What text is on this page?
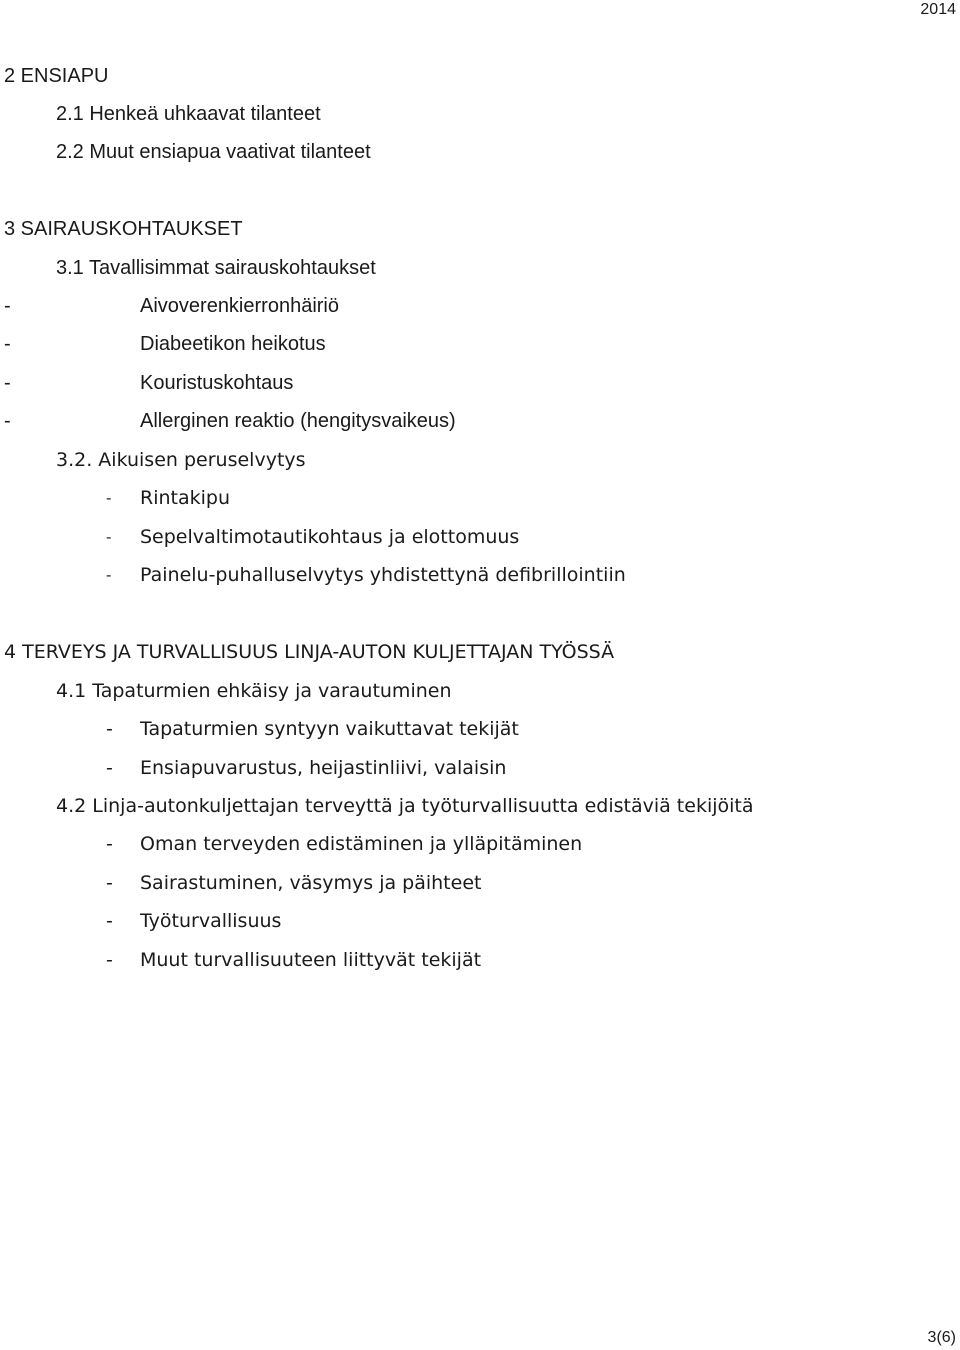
2014
2 ENSIAPU
2.1 Henkeä uhkaavat tilanteet
2.2 Muut ensiapua vaativat tilanteet
3 SAIRAUSKOHTAUKSET
3.1 Tavallisimmat sairauskohtaukset
-	Aivoverenkierronhäiriö
-	Diabeetikon heikotus
-	Kouristuskohtaus
-	Allerginen reaktio (hengitysvaikeus)
3.2. Aikuisen peruselvytys
- Rintakipu
- Sepelvaltimotautikohtaus ja elottomuus
- Painelu-puhalluselvytys yhdistettynä defibrillointiin
4 TERVEYS JA TURVALLISUUS LINJA-AUTON KULJETTAJAN TYÖSSÄ
4.1 Tapaturmien ehkäisy ja varautuminen
- Tapaturmien syntyyn vaikuttavat tekijät
- Ensiapuvarustus, heijastinliivi, valaisin
4.2 Linja-autonkuljettajan terveyttä ja työturvallisuutta edistäviä tekijöitä
- Oman terveyden edistäminen ja ylläpitäminen
- Sairastuminen, väsymys ja päihteet
- Työturvallisuus
- Muut turvallisuuteen liittyvät tekijät
3(6)
